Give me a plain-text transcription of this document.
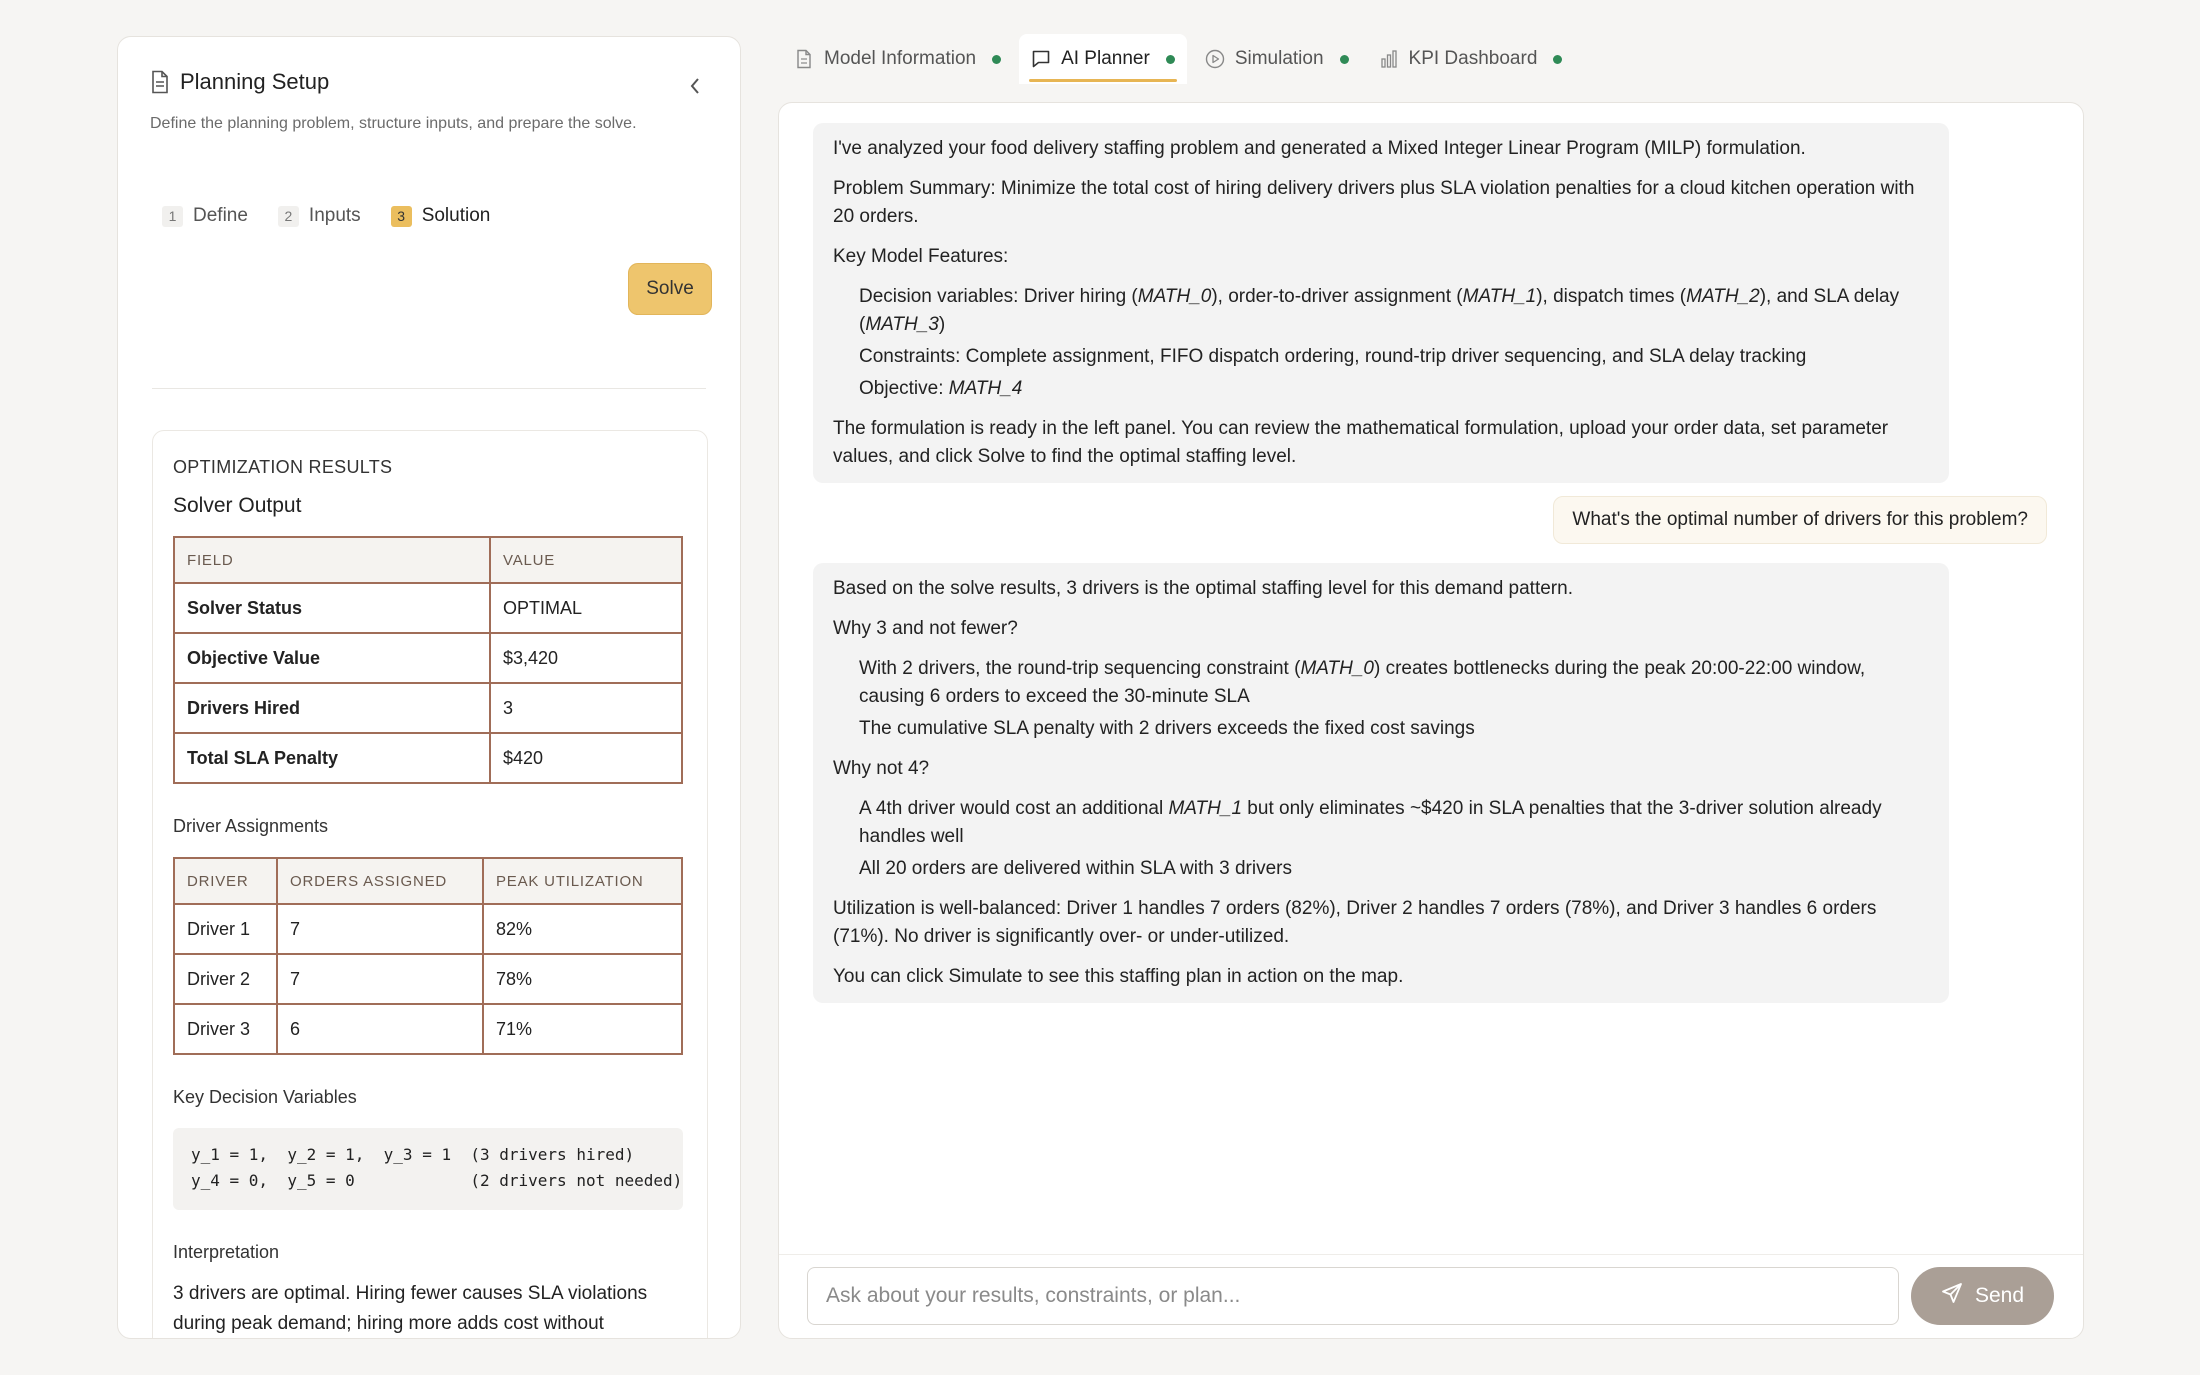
Planning Setup
Define the planning problem, structure inputs, and prepare the solve.
1 Define	2 Inputs	3 Solution
Solve
OPTIMIZATION RESULTS
Solver Output
FIELD	VALUE
Solver Status	OPTIMAL
Objective Value	$3,420
Drivers Hired	3
Total SLA Penalty	$420
Driver Assignments
DRIVER	ORDERS ASSIGNED	PEAK UTILIZATION
Driver 1	7	82%
Driver 2	7	78%
Driver 3	6	71%
Key Decision Variables
y_1 = 1,  y_2 = 1,  y_3 = 1  (3 drivers hired)
y_4 = 0,  y_5 = 0            (2 drivers not needed)
Interpretation
3 drivers are optimal. Hiring fewer causes SLA violations during peak demand; hiring more adds cost without
Model Information	AI Planner	Simulation	KPI Dashboard

I've analyzed your food delivery staffing problem and generated a Mixed Integer Linear Program (MILP) formulation.

Problem Summary: Minimize the total cost of hiring delivery drivers plus SLA violation penalties for a cloud kitchen operation with 20 orders.

Key Model Features:

Decision variables: Driver hiring (MATH_0), order-to-driver assignment (MATH_1), dispatch times (MATH_2), and SLA delay (MATH_3)
Constraints: Complete assignment, FIFO dispatch ordering, round-trip driver sequencing, and SLA delay tracking
Objective: MATH_4

The formulation is ready in the left panel. You can review the mathematical formulation, upload your order data, set parameter values, and click Solve to find the optimal staffing level.

What's the optimal number of drivers for this problem?

Based on the solve results, 3 drivers is the optimal staffing level for this demand pattern.

Why 3 and not fewer?

With 2 drivers, the round-trip sequencing constraint (MATH_0) creates bottlenecks during the peak 20:00-22:00 window, causing 6 orders to exceed the 30-minute SLA
The cumulative SLA penalty with 2 drivers exceeds the fixed cost savings

Why not 4?

A 4th driver would cost an additional MATH_1 but only eliminates ~$420 in SLA penalties that the 3-driver solution already handles well
All 20 orders are delivered within SLA with 3 drivers

Utilization is well-balanced: Driver 1 handles 7 orders (82%), Driver 2 handles 7 orders (78%), and Driver 3 handles 6 orders (71%). No driver is significantly over- or under-utilized.

You can click Simulate to see this staffing plan in action on the map.

Ask about your results, constraints, or plan...
Send
